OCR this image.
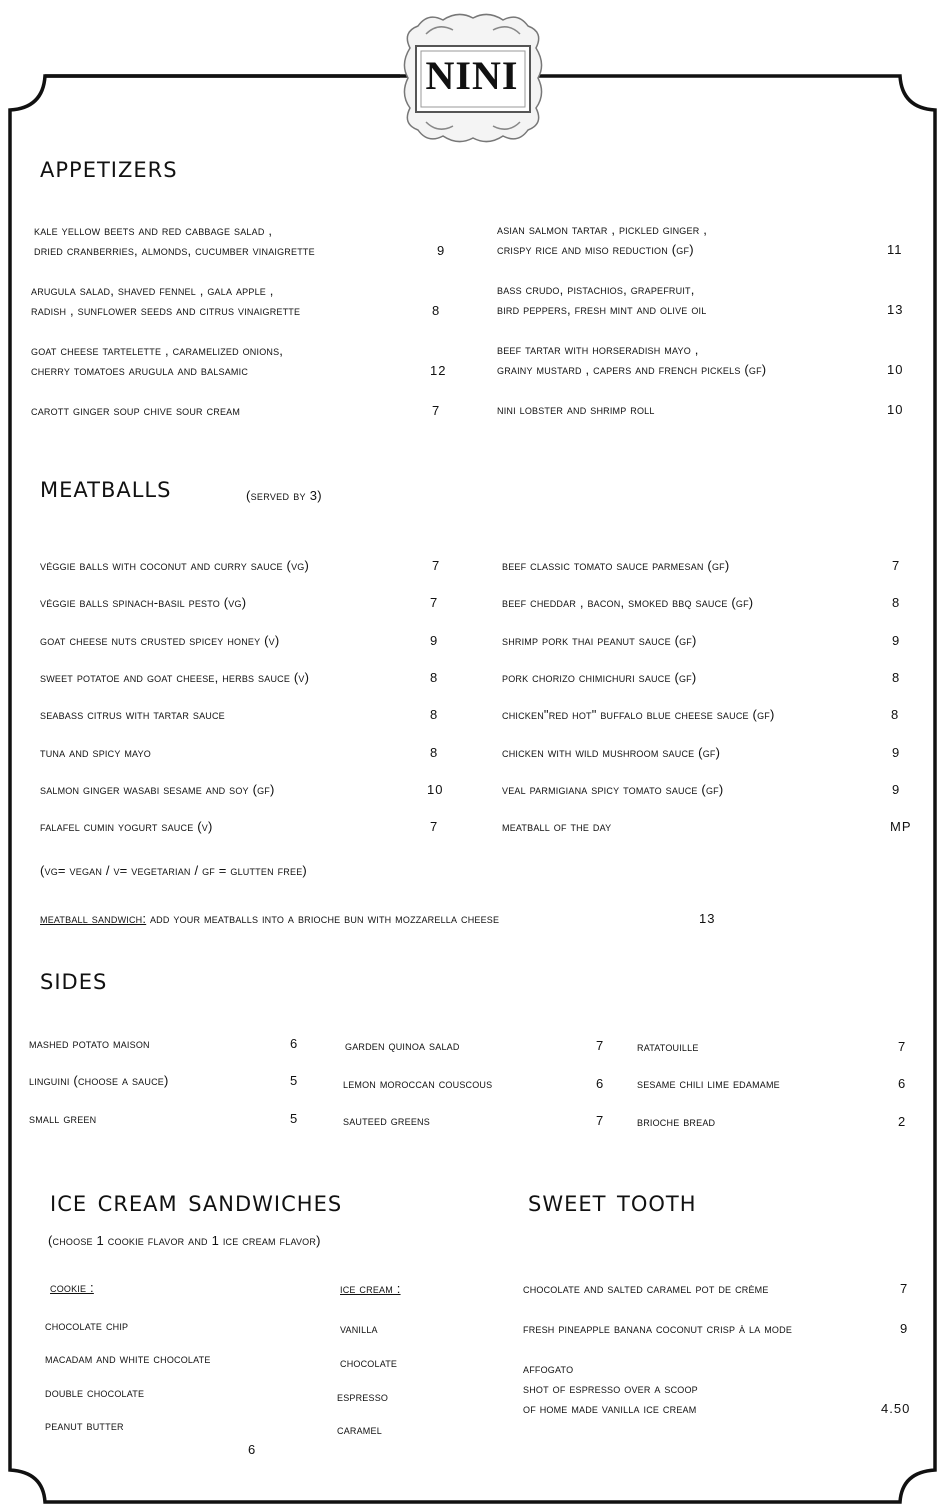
NINI
appetizers
kale yellow beets and red cabbage salad ,
dried cranberries, almonds, cucumber vinaigrette	9
arugula salad, shaved fennel , gala apple ,
radish , sunflower seeds and citrus vinaigrette	8
goat cheese tartelette , caramelized onions,
cherry tomatoes arugula and balsamic	12
carott ginger soup chive sour cream	7
asian salmon tartar , pickled ginger ,
crispy rice and miso reduction (gf)	11
bass crudo, pistachios, grapefruit,
bird peppers, fresh mint and olive oil	13
beef tartar with horseradish mayo ,
grainy mustard , capers and french pickels (gf)	10
nini lobster and shrimp roll	10
meatballs	(served by 3)
véggie balls with coconut and curry sauce (vg)	7
véggie balls spinach-basil pesto (vg)	7
goat cheese nuts crusted spicey honey (v)	9
sweet potatoe and goat cheese, herbs sauce (v)	8
seabass citrus with tartar sauce	8
tuna and spicy mayo	8
salmon ginger wasabi sesame and soy (gf)	10
falafel cumin yogurt sauce (v)	7
beef classic tomato sauce parmesan (gf)	7
beef cheddar , bacon, smoked bbq sauce (gf)	8
shrimp pork thai peanut sauce (gf)	9
pork chorizo chimichuri sauce (gf)	8
chicken"red hot" buffalo blue cheese sauce (gf)	8
chicken with wild mushroom sauce (gf)	9
veal parmigiana spicy tomato sauce (gf)	9
meatball of the day	MP
(vg= vegan / v= vegetarian / gf = glutten free)
meatball sandwich: add your meatballs into a brioche bun with mozzarella cheese	13
sides
mashed potato maison	6
linguini (choose a sauce)	5
small green	5
garden quinoa salad	7
lemon moroccan couscous	6
sauteed greens	7
ratatouille	7
sesame chili lime edamame	6
brioche bread	2
ice cream sandwiches
(choose 1 cookie flavor and 1 ice cream flavor)
cookie :
chocolate chip
macadam and white chocolate
double chocolate
peanut butter
ice cream :
vanilla
chocolate
espresso
caramel
6
sweet tooth
chocolate and salted caramel pot de crème	7
fresh pineapple banana coconut crisp à la mode	9
affogato
shot of espresso over a scoop
of home made vanilla ice cream	4.50
